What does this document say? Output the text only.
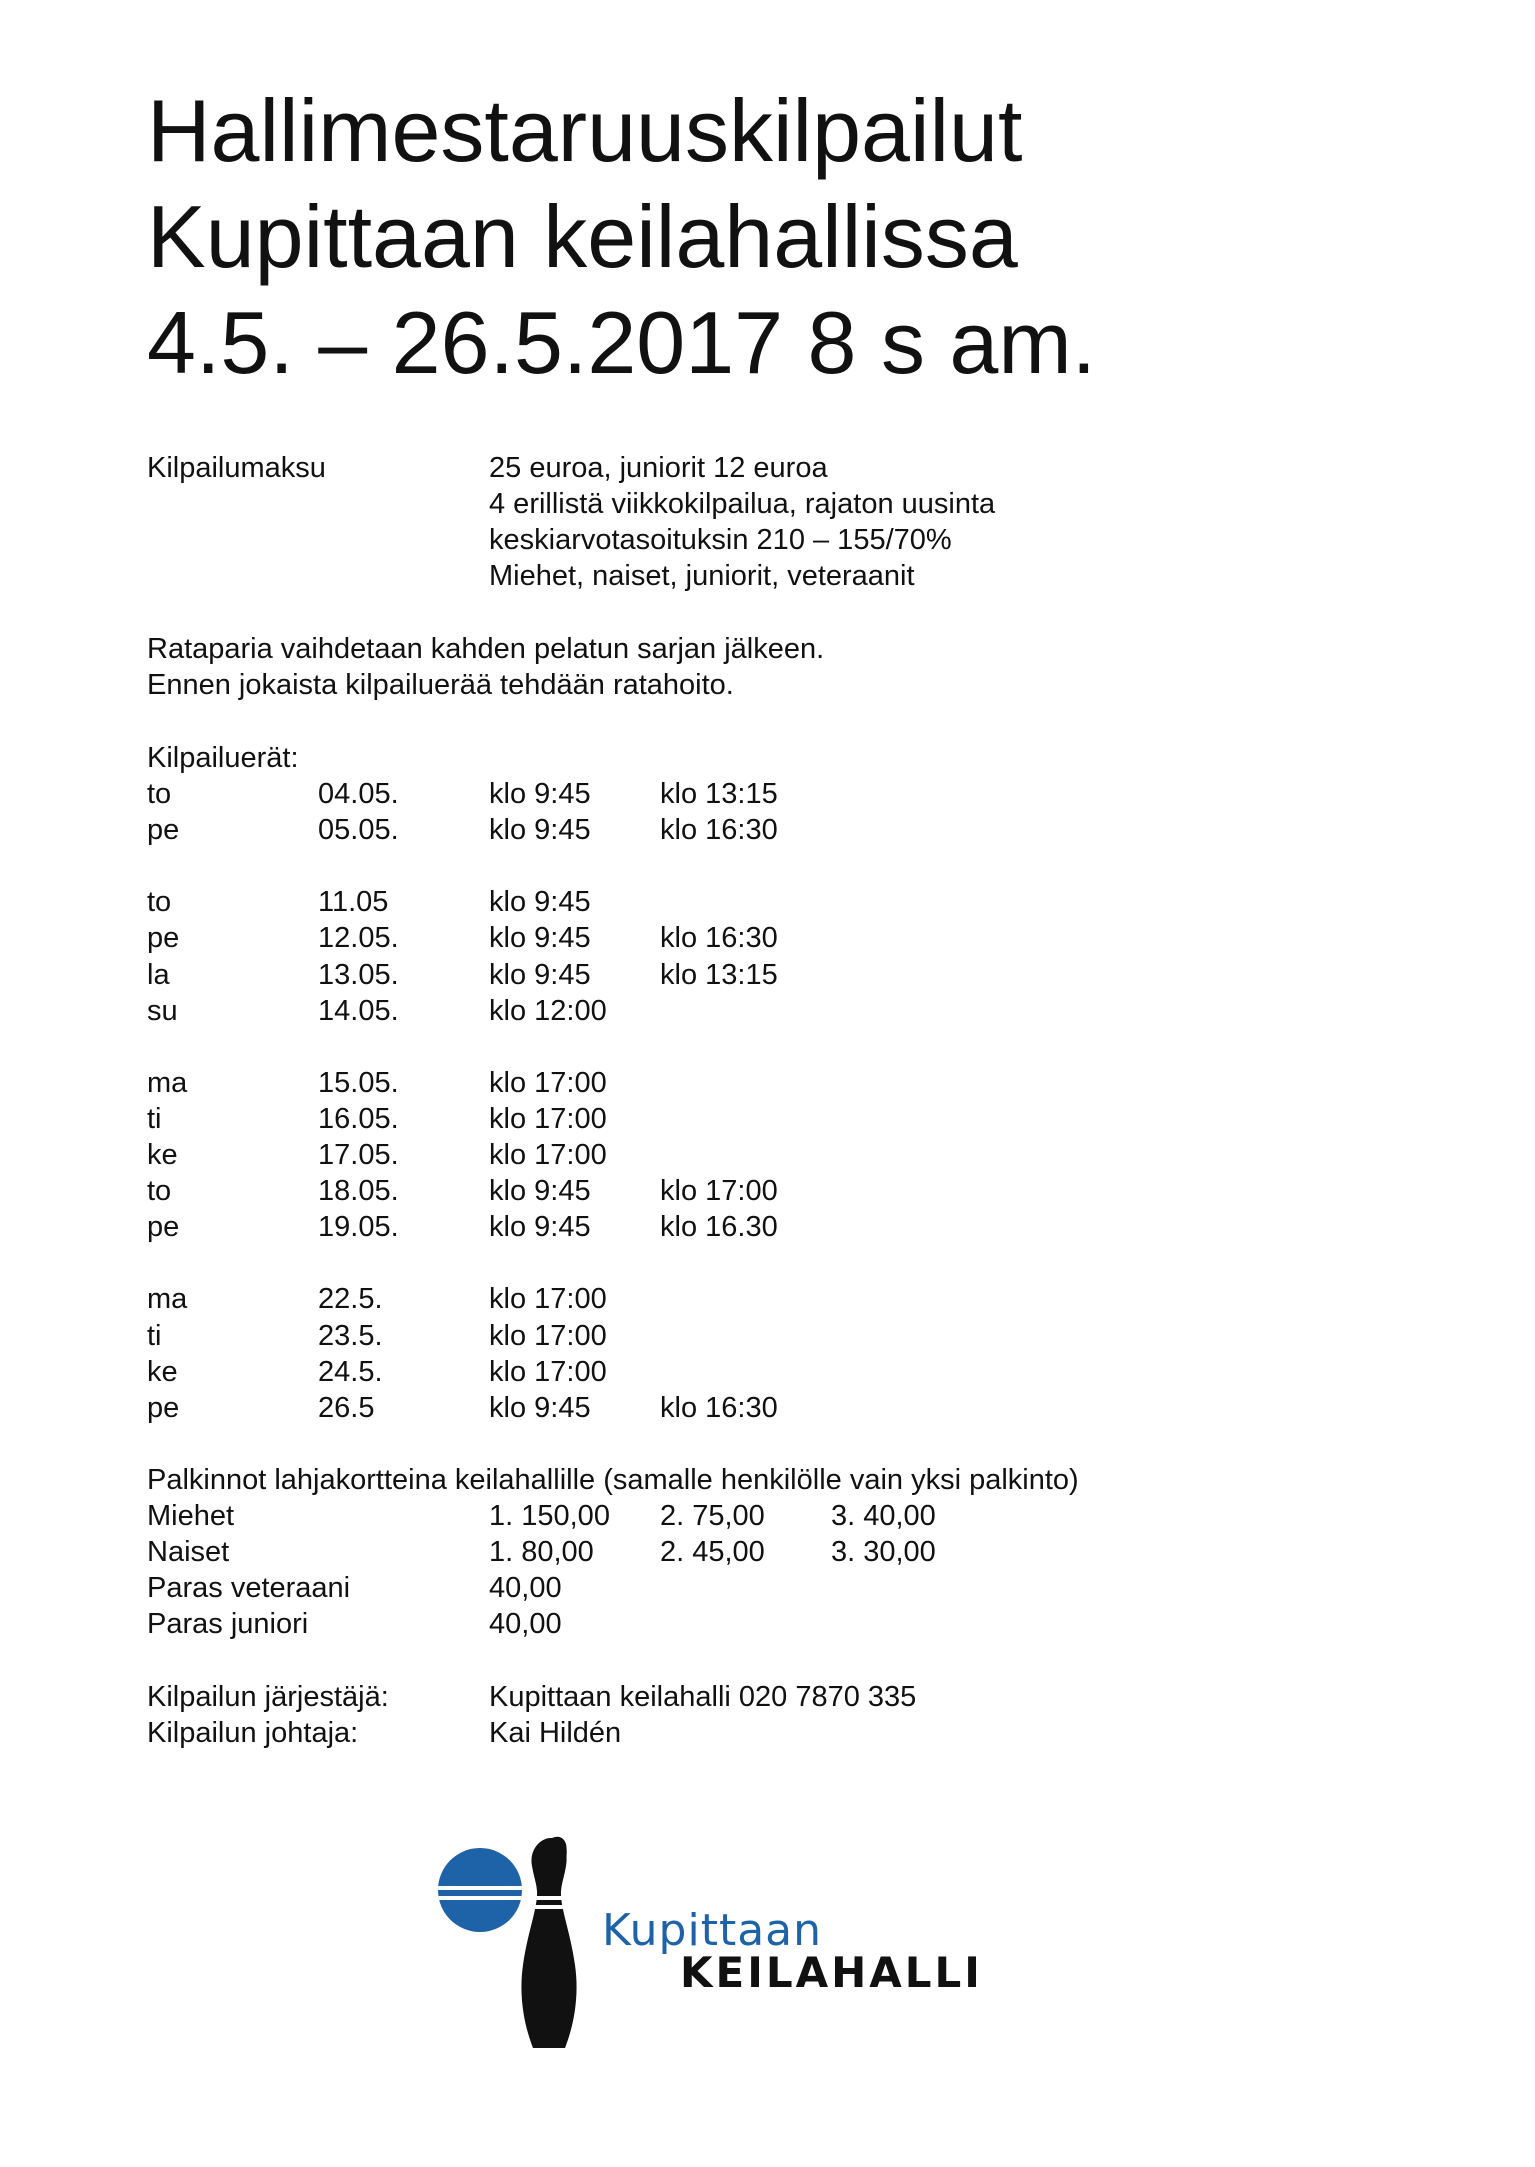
Hallimestaruuskilpailut
Kupittaan keilahallissa
4.5. – 26.5.2017 8 s am.
Kilpailumaksu	25 euroa, juniorit 12 euroa
4 erillistä viikkokilpailua, rajaton uusinta
keskiarvotasoituksin 210 – 155/70%
Miehet, naiset, juniorit, veteraanit
Rataparia vaihdetaan kahden pelatun sarjan jälkeen.
Ennen jokaista kilpailuerää tehdään ratahoito.
Kilpailuerät:
to	04.05.	klo 9:45 klo 13:15
pe	05.05.	klo 9:45 klo 16:30
to	11.05	klo 9:45
pe	12.05.	klo 9:45 klo 16:30
la	13.05.	klo 9:45 klo 13:15
su	14.05.	klo 12:00
ma	15.05.	klo 17:00
ti	16.05.	klo 17:00
ke	17.05.	klo 17:00
to	18.05.	klo 9:45 klo 17:00
pe	19.05.	klo 9:45 klo 16.30
ma	22.5.	klo 17:00
ti	23.5.	klo 17:00
ke	24.5.	klo 17:00
pe	26.5	klo 9:45 klo 16:30
Palkinnot lahjakortteina keilahallille (samalle henkilölle vain yksi palkinto)
Miehet	1. 150,00 2. 75,00 3. 40,00
Naiset	1. 80,00 2. 45,00 3. 30,00
Paras veteraani	40,00
Paras juniori	40,00
Kilpailun järjestäjä:	Kupittaan keilahalli 020 7870 335
Kilpailun johtaja:	Kai Hildén
Kupittaan
KEILAHALLI
